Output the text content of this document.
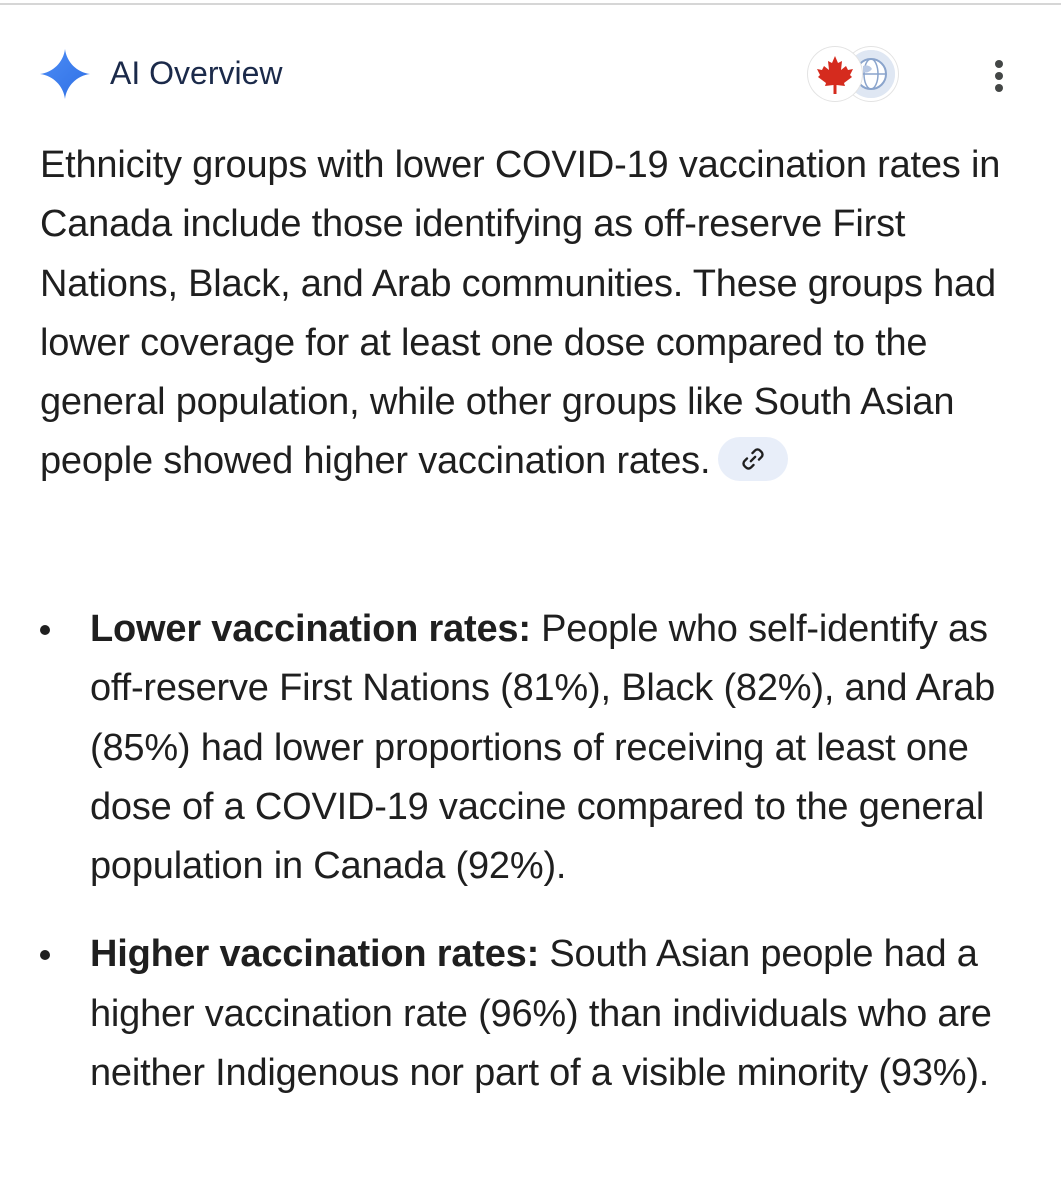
AI Overview

Ethnicity groups with lower COVID-19 vaccination rates in Canada include those identifying as off-reserve First Nations, Black, and Arab communities. These groups had lower coverage for at least one dose compared to the general population, while other groups like South Asian people showed higher vaccination rates.

Lower vaccination rates: People who self-identify as off-reserve First Nations (81%), Black (82%), and Arab (85%) had lower proportions of receiving at least one dose of a COVID-19 vaccine compared to the general population in Canada (92%).
Higher vaccination rates: South Asian people had a higher vaccination rate (96%) than individuals who are neither Indigenous nor part of a visible minority (93%).
